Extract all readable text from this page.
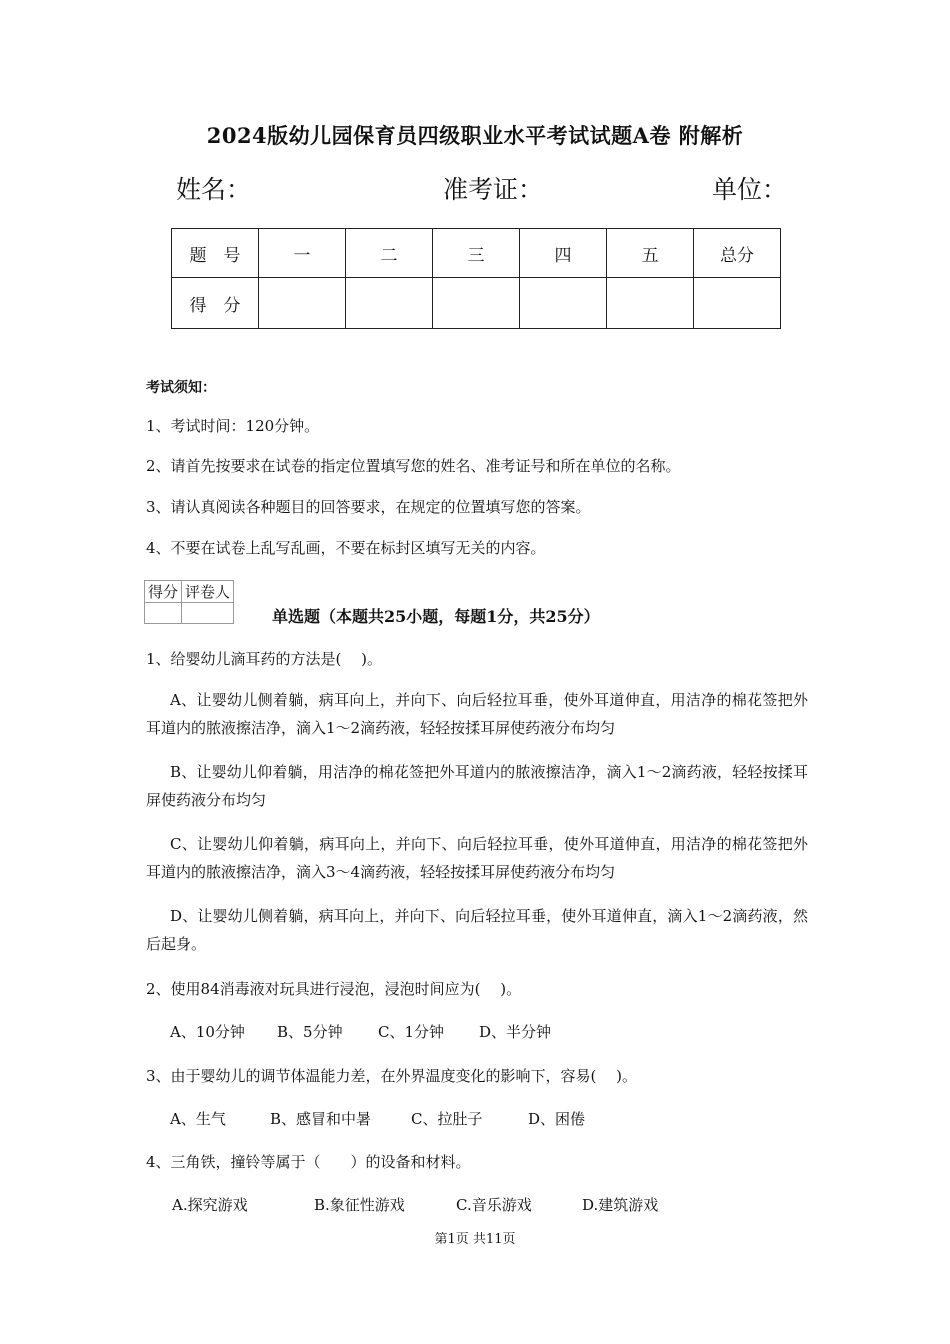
2024版幼儿园保育员四级职业水平考试试题A卷 附解析
姓名：	准考证：	单位：
题　号	一	二	三	四	五	总分
得　分						
考试须知：
1、考试时间：120分钟。
2、请首先按要求在试卷的指定位置填写您的姓名、准考证号和所在单位的名称。
3、请认真阅读各种题目的回答要求，在规定的位置填写您的答案。
4、不要在试卷上乱写乱画，不要在标封区填写无关的内容。
得分	评卷人

单选题（本题共25小题，每题1分，共25分）
1、给婴幼儿滴耳药的方法是(　 )。
A、让婴幼儿侧着躺，病耳向上，并向下、向后轻拉耳垂，使外耳道伸直，用洁净的棉花签把外耳道内的脓液擦洁净，滴入1～2滴药液，轻轻按揉耳屏使药液分布均匀
B、让婴幼儿仰着躺，用洁净的棉花签把外耳道内的脓液擦洁净，滴入1～2滴药液，轻轻按揉耳屏使药液分布均匀
C、让婴幼儿仰着躺，病耳向上，并向下、向后轻拉耳垂，使外耳道伸直，用洁净的棉花签把外耳道内的脓液擦洁净，滴入3～4滴药液，轻轻按揉耳屏使药液分布均匀
D、让婴幼儿侧着躺，病耳向上，并向下、向后轻拉耳垂，使外耳道伸直，滴入1～2滴药液，然后起身。
2、使用84消毒液对玩具进行浸泡，浸泡时间应为(　 )。
A、10分钟 B、5分钟 C、1分钟 D、半分钟
3、由于婴幼儿的调节体温能力差，在外界温度变化的影响下，容易(　 )。
A、生气	B、感冒和中暑	C、拉肚子	D、困倦
4、三角铁，撞铃等属于（　　）的设备和材料。
A.探究游戏	B.象征性游戏	C.音乐游戏	D.建筑游戏
第1页 共11页
